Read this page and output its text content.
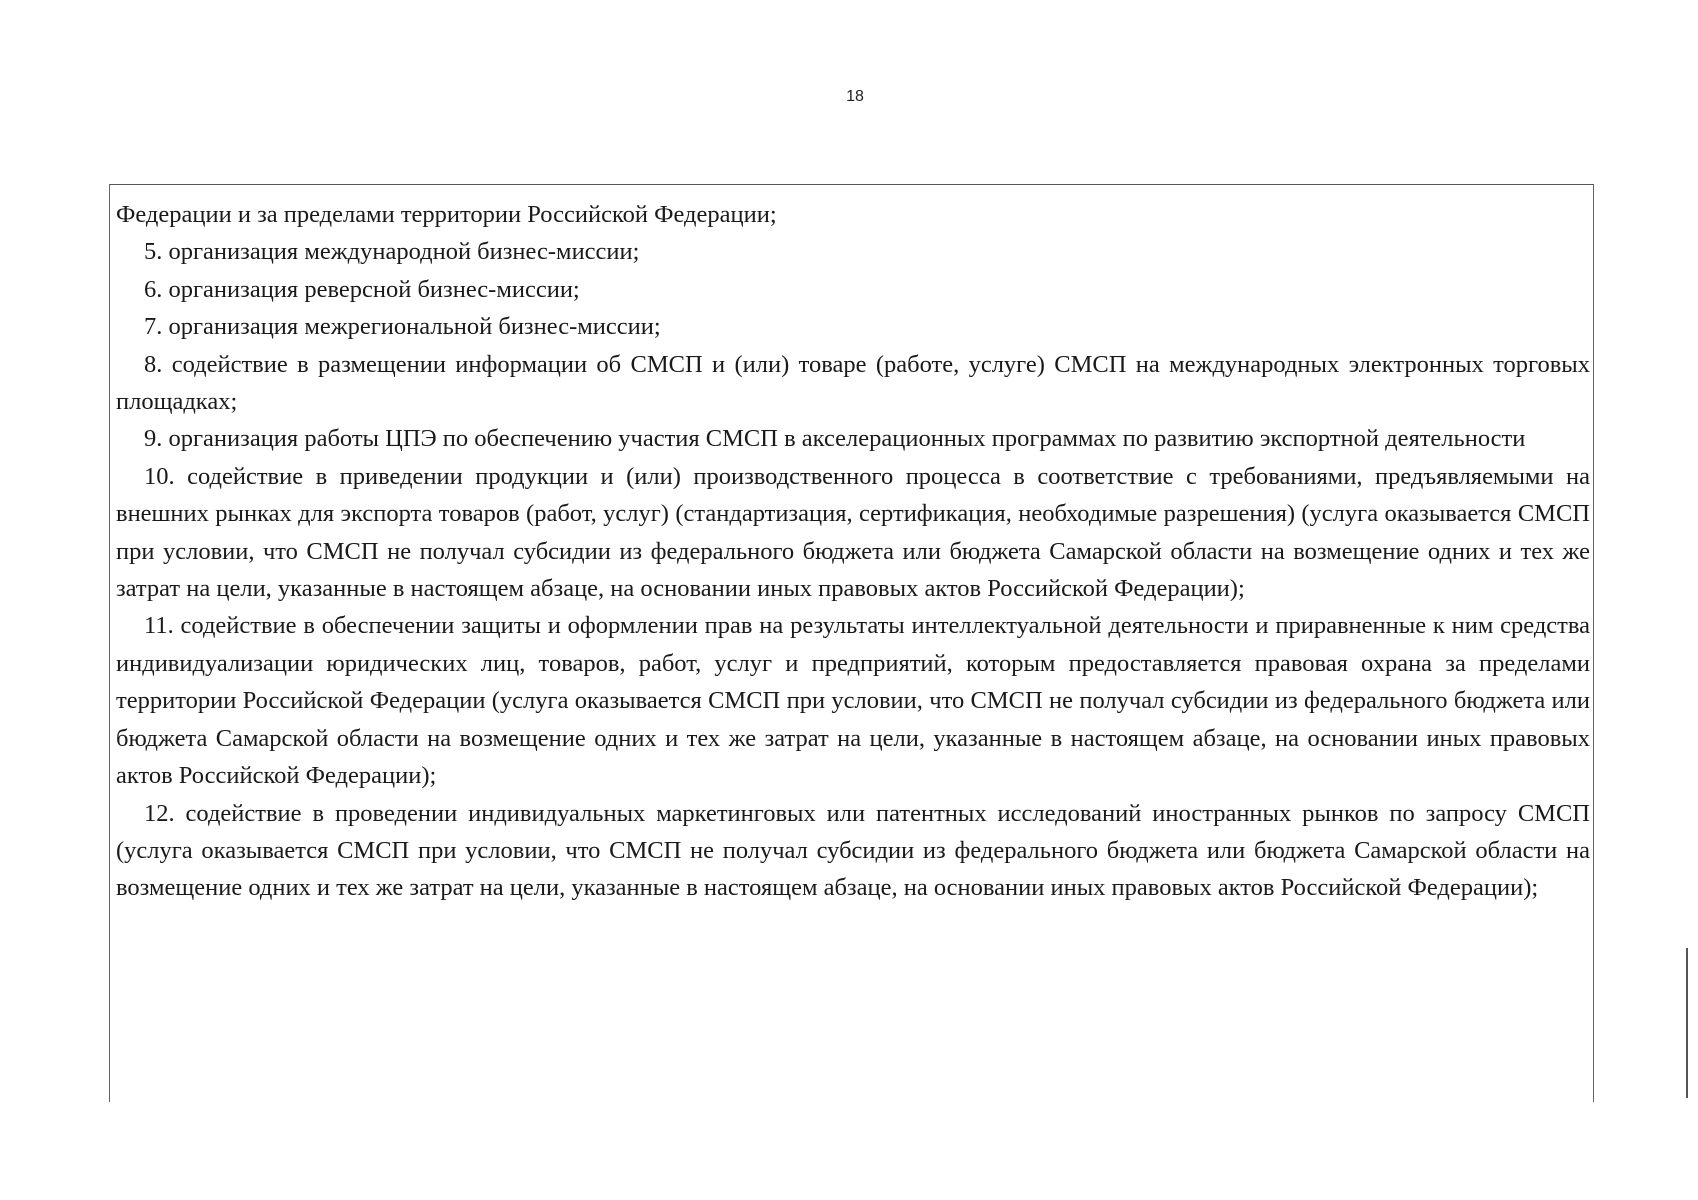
18

Федерации и за пределами территории Российской Федерации;

5. организация международной бизнес-миссии;

6. организация реверсной бизнес-миссии;

7. организация межрегиональной бизнес-миссии;

8. содействие в размещении информации об СМСП и (или) товаре (работе, услуге) СМСП на международных электронных торговых площадках;

9. организация работы ЦПЭ по обеспечению участия СМСП в акселерационных программах по развитию экспортной деятельности

10. содействие в приведении продукции и (или) производственного процесса в соответствие с требованиями, предъявляемыми на внешних рынках для экспорта товаров (работ, услуг) (стандартизация, сертификация, необходимые разрешения) (услуга оказывается СМСП при условии, что СМСП не получал субсидии из федерального бюджета или бюджета Самарской области на возмещение одних и тех же затрат на цели, указанные в настоящем абзаце, на основании иных правовых актов Российской Федерации);

11. содействие в обеспечении защиты и оформлении прав на результаты интеллектуальной деятельности и приравненные к ним средства индивидуализации юридических лиц, товаров, работ, услуг и предприятий, которым предоставляется правовая охрана за пределами территории Российской Федерации (услуга оказывается СМСП при условии, что СМСП не получал субсидии из федерального бюджета или бюджета Самарской области на возмещение одних и тех же затрат на цели, указанные в настоящем абзаце, на основании иных правовых актов Российской Федерации);

12. содействие в проведении индивидуальных маркетинговых или патентных исследований иностранных рынков по запросу СМСП (услуга оказывается СМСП при условии, что СМСП не получал субсидии из федерального бюджета или бюджета Самарской области на возмещение одних и тех же затрат на цели, указанные в настоящем абзаце, на основании иных правовых актов Российской Федерации);
